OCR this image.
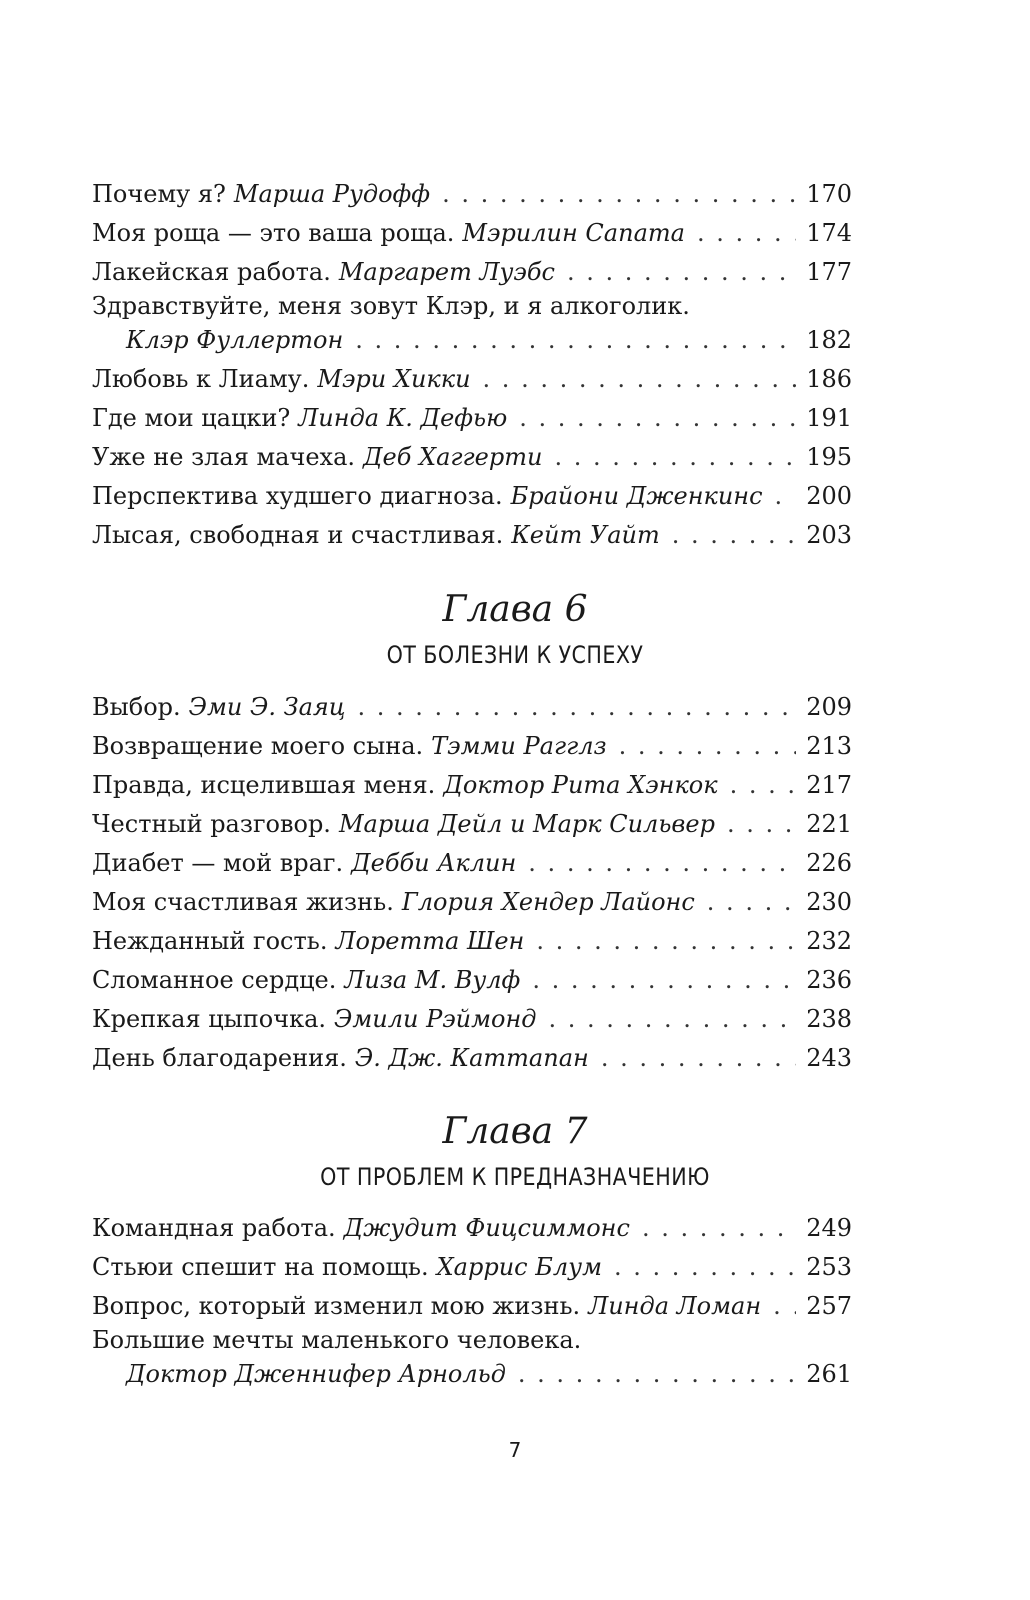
Почему я? Марша Рудофф . . .	170
Моя роща — это ваша роща. Мэрилин Сапата . . .	174
Лакейская работа. Маргарет Луэбс . . .	177
Здравствуйте, меня зовут Клэр, и я алкоголик.
Клэр Фуллертон . . .	182
Любовь к Лиаму. Мэри Хикки . . .	186
Где мои цацки? Линда К. Дефью . . .	191
Уже не злая мачеха. Деб Хаггерти . . .	195
Перспектива худшего диагноза. Брайони Дженкинс . . . 200
Лысая, свободная и счастливая. Кейт Уайт . . .	203
Глава 6
ОТ БОЛЕЗНИ К УСПЕХУ
Выбор. Эми Э. Заяц . . .	209
Возвращение моего сына. Тэмми Рагглз . . .	213
Правда, исцелившая меня. Доктор Рита Хэнкок . . .	217
Честный разговор. Марша Дейл и Марк Сильвер . . .	221
Диабет — мой враг. Дебби Аклин . . .	226
Моя счастливая жизнь. Глория Хендер Лайонс . . .	230
Нежданный гость. Лоретта Шен . . .	232
Сломанное сердце. Лиза М. Вулф . . .	236
Крепкая цыпочка. Эмили Рэймонд . . .	238
День благодарения. Э. Дж. Каттапан . . .	243
Глава 7
ОТ ПРОБЛЕМ К ПРЕДНАЗНАЧЕНИЮ
Командная работа. Джудит Фицсиммонс . . .	249
Стьюи спешит на помощь. Харрис Блум . . .	253
Вопрос, который изменил мою жизнь. Линда Ломан . . . 257
Большие мечты маленького человека.
Доктор Дженнифер Арнольд . . .	261
7
